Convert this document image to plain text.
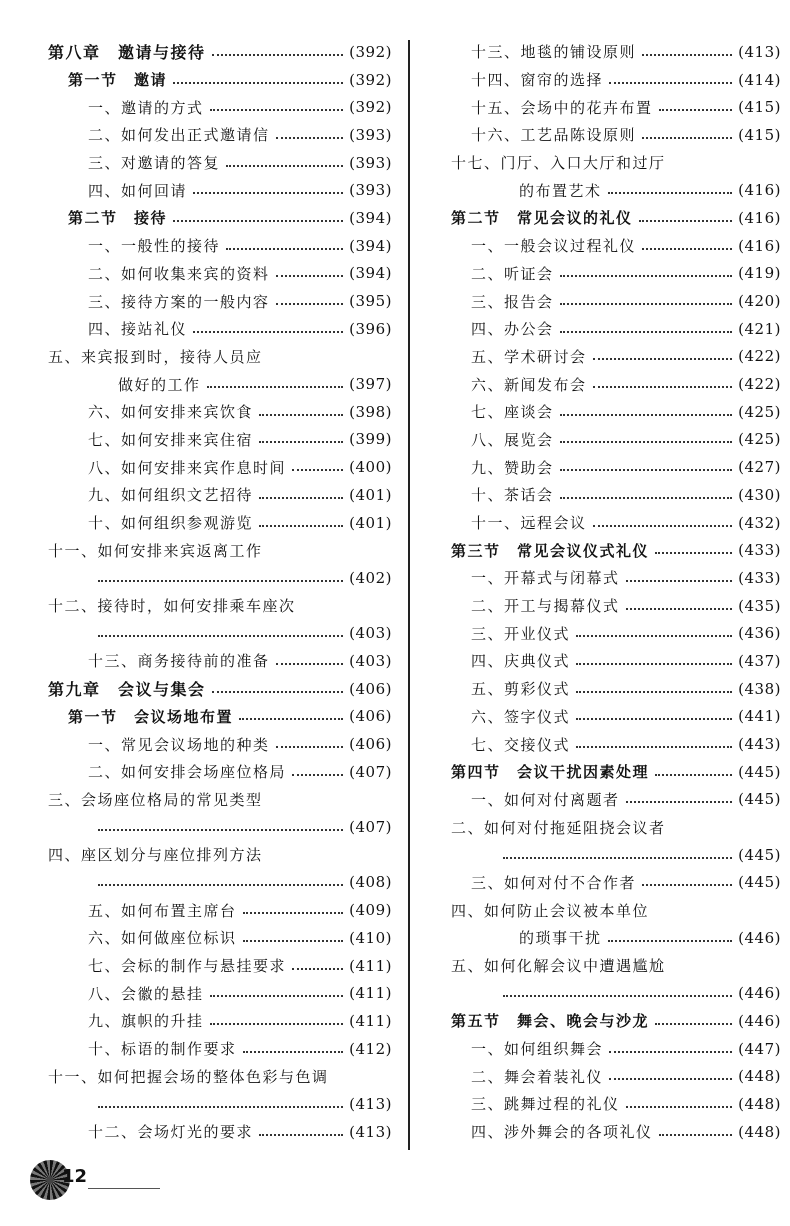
第八章　邀请与接待	(392)
第一节　邀请	(392)
一、邀请的方式	(392)
二、如何发出正式邀请信	(393)
三、对邀请的答复	(393)
四、如何回请	(393)
第二节　接待	(394)
一、一般性的接待	(394)
二、如何收集来宾的资料	(394)
三、接待方案的一般内容	(395)
四、接站礼仪	(396)
五、来宾报到时，接待人员应
做好的工作	(397)
六、如何安排来宾饮食	(398)
七、如何安排来宾住宿	(399)
八、如何安排来宾作息时间	(400)
九、如何组织文艺招待	(401)
十、如何组织参观游览	(401)
十一、如何安排来宾返离工作
(402)
十二、接待时，如何安排乘车座次
(403)
十三、商务接待前的准备	(403)
第九章　会议与集会	(406)
第一节　会议场地布置	(406)
一、常见会议场地的种类	(406)
二、如何安排会场座位格局	(407)
三、会场座位格局的常见类型
(407)
四、座区划分与座位排列方法
(408)
五、如何布置主席台	(409)
六、如何做座位标识	(410)
七、会标的制作与悬挂要求	(411)
八、会徽的悬挂	(411)
九、旗帜的升挂	(411)
十、标语的制作要求	(412)
十一、如何把握会场的整体色彩与色调
(413)
十二、会场灯光的要求	(413)
十三、地毯的铺设原则	(413)
十四、窗帘的选择	(414)
十五、会场中的花卉布置	(415)
十六、工艺品陈设原则	(415)
十七、门厅、入口大厅和过厅
的布置艺术	(416)
第二节　常见会议的礼仪	(416)
一、一般会议过程礼仪	(416)
二、听证会	(419)
三、报告会	(420)
四、办公会	(421)
五、学术研讨会	(422)
六、新闻发布会	(422)
七、座谈会	(425)
八、展览会	(425)
九、赞助会	(427)
十、茶话会	(430)
十一、远程会议	(432)
第三节　常见会议仪式礼仪	(433)
一、开幕式与闭幕式	(433)
二、开工与揭幕仪式	(435)
三、开业仪式	(436)
四、庆典仪式	(437)
五、剪彩仪式	(438)
六、签字仪式	(441)
七、交接仪式	(443)
第四节　会议干扰因素处理	(445)
一、如何对付离题者	(445)
二、如何对付拖延阻挠会议者
(445)
三、如何对付不合作者	(445)
四、如何防止会议被本单位
的琐事干扰	(446)
五、如何化解会议中遭遇尴尬
(446)
第五节　舞会、晚会与沙龙	(446)
一、如何组织舞会	(447)
二、舞会着装礼仪	(448)
三、跳舞过程的礼仪	(448)
四、涉外舞会的各项礼仪	(448)
12
